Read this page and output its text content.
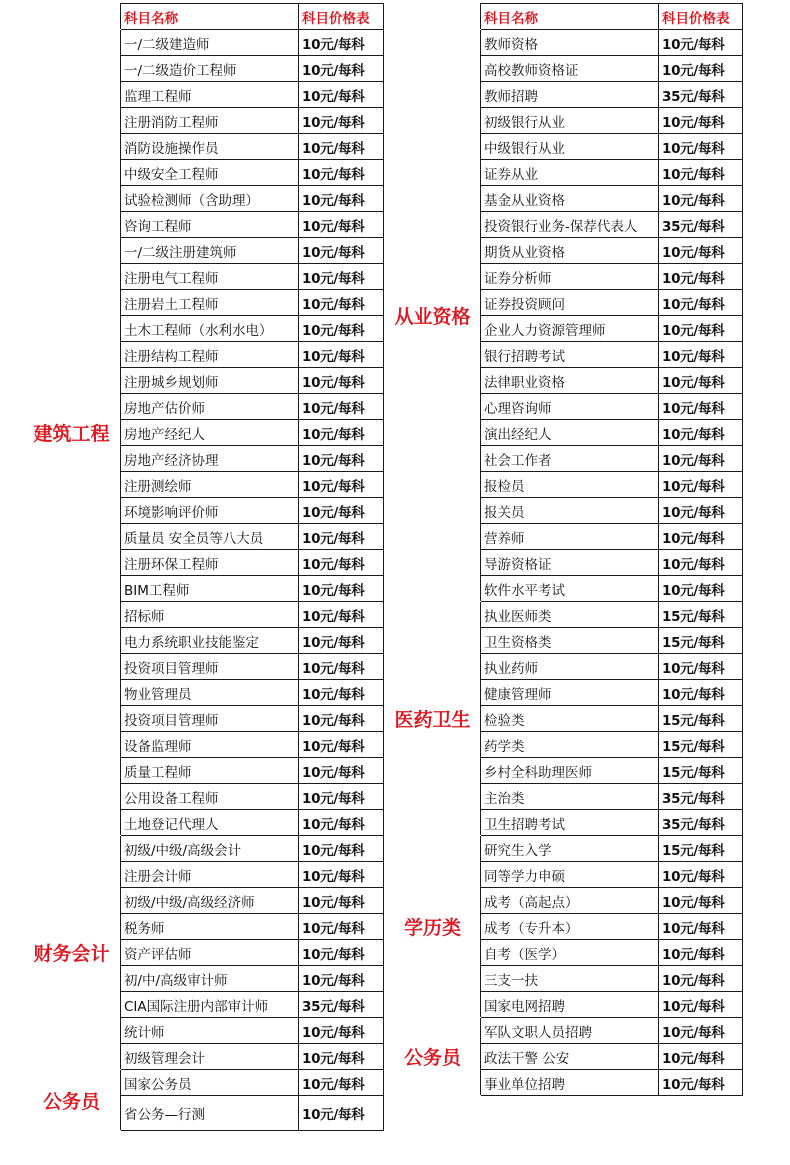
	科目名称	科目价格表
建筑工程	一/二级建造师	10元/每科
	一/二级造价工程师	10元/每科
	监理工程师	10元/每科
	注册消防工程师	10元/每科
	消防设施操作员	10元/每科
	中级安全工程师	10元/每科
	试验检测师（含助理）	10元/每科
	咨询工程师	10元/每科
	一/二级注册建筑师	10元/每科
	注册电气工程师	10元/每科
	注册岩土工程师	10元/每科
	土木工程师（水利水电）	10元/每科
	注册结构工程师	10元/每科
	注册城乡规划师	10元/每科
	房地产估价师	10元/每科
	房地产经纪人	10元/每科
	房地产经济协理	10元/每科
	注册测绘师	10元/每科
	环境影响评价师	10元/每科
	质量员 安全员等八大员	10元/每科
	注册环保工程师	10元/每科
	BIM工程师	10元/每科
	招标师	10元/每科
	电力系统职业技能鉴定	10元/每科
	投资项目管理师	10元/每科
	物业管理员	10元/每科
	投资项目管理师	10元/每科
	设备监理师	10元/每科
	质量工程师	10元/每科
	公用设备工程师	10元/每科
	土地登记代理人	10元/每科
财务会计	初级/中级/高级会计	10元/每科
	注册会计师	10元/每科
	初级/中级/高级经济师	10元/每科
	税务师	10元/每科
	资产评估师	10元/每科
	初/中/高级审计师	10元/每科
	CIA国际注册内部审计师	35元/每科
	统计师	10元/每科
	初级管理会计	10元/每科
公务员	国家公务员	10元/每科
	省公务—行测	10元/每科
	科目名称	科目价格表
从业资格	教师资格	10元/每科
	高校教师资格证	10元/每科
	教师招聘	35元/每科
	初级银行从业	10元/每科
	中级银行从业	10元/每科
	证券从业	10元/每科
	基金从业资格	10元/每科
	投资银行业务-保荐代表人	35元/每科
	期货从业资格	10元/每科
	证券分析师	10元/每科
	证券投资顾问	10元/每科
	企业人力资源管理师	10元/每科
	银行招聘考试	10元/每科
	法律职业资格	10元/每科
	心理咨询师	10元/每科
	演出经纪人	10元/每科
	社会工作者	10元/每科
	报检员	10元/每科
	报关员	10元/每科
	营养师	10元/每科
	导游资格证	10元/每科
	软件水平考试	10元/每科
医药卫生	执业医师类	15元/每科
	卫生资格类	15元/每科
	执业药师	10元/每科
	健康管理师	10元/每科
	检验类	15元/每科
	药学类	15元/每科
	乡村全科助理医师	15元/每科
	主治类	35元/每科
	卫生招聘考试	35元/每科
学历类	研究生入学	15元/每科
	同等学力申硕	10元/每科
	成考（高起点）	10元/每科
	成考（专升本）	10元/每科
	自考（医学）	10元/每科
	三支一扶	10元/每科
	国家电网招聘	10元/每科
公务员	军队文职人员招聘	10元/每科
	政法干警 公安	10元/每科
	事业单位招聘	10元/每科
